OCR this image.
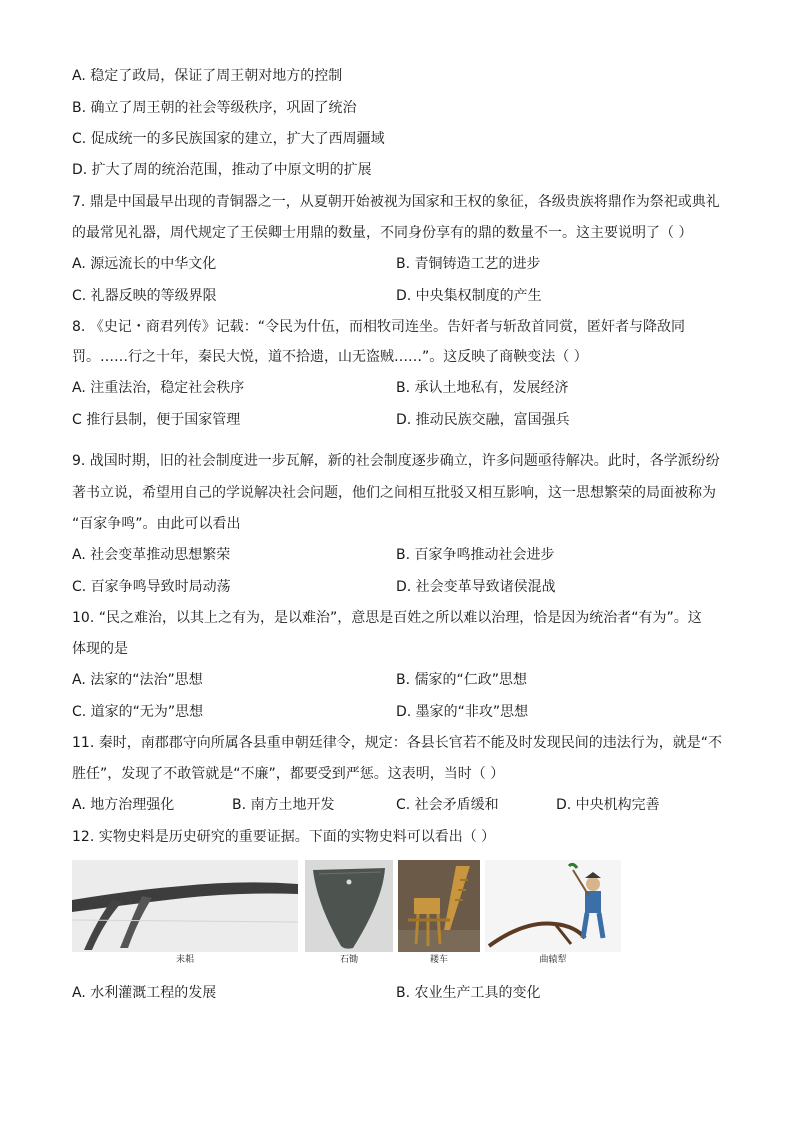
A. 稳定了政局，保证了周王朝对地方的控制
B. 确立了周王朝的社会等级秩序，巩固了统治
C. 促成统一的多民族国家的建立，扩大了西周疆域
D. 扩大了周的统治范围，推动了中原文明的扩展
7. 鼎是中国最早出现的青铜器之一，从夏朝开始被视为国家和王权的象征，各级贵族将鼎作为祭祀或典礼
的最常见礼器，周代规定了王侯卿士用鼎的数量，不同身份享有的鼎的数量不一。这主要说明了（ ）
A. 源远流长的中华文化	B. 青铜铸造工艺的进步
C. 礼器反映的等级界限	D. 中央集权制度的产生
8. 《史记・商君列传》记载：“令民为什伍，而相牧司连坐。告奸者与斩敌首同赏，匿奸者与降敌同
罚。……行之十年，秦民大悦，道不拾遗，山无盗贼……”。这反映了商鞅变法（ ）
A. 注重法治，稳定社会秩序	B. 承认土地私有，发展经济
C 推行县制，便于国家管理	D. 推动民族交融，富国强兵
9. 战国时期，旧的社会制度进一步瓦解，新的社会制度逐步确立，许多问题亟待解决。此时，各学派纷纷
著书立说，希望用自己的学说解决社会问题，他们之间相互批驳又相互影响，这一思想繁荣的局面被称为
“百家争鸣”。由此可以看出
A. 社会变革推动思想繁荣	B. 百家争鸣推动社会进步
C. 百家争鸣导致时局动荡	D. 社会变革导致诸侯混战
10. “民之难治，以其上之有为，是以难治”，意思是百姓之所以难以治理，恰是因为统治者“有为”。这
体现的是
A. 法家的“法治”思想	B. 儒家的“仁政”思想
C. 道家的“无为”思想	D. 墨家的“非攻”思想
11. 秦时，南郡郡守向所属各县重申朝廷律令，规定：各县长官若不能及时发现民间的违法行为，就是“不
胜任”，发现了不敢管就是“不廉”，都要受到严惩。这表明，当时（ ）
A. 地方治理强化	B. 南方土地开发	C. 社会矛盾缓和	D. 中央机构完善
12. 实物史料是历史研究的重要证据。下面的实物史料可以看出（ ）
耒耜	石锄	耧车	曲辕犁
A. 水利灌溉工程的发展	B. 农业生产工具的变化
